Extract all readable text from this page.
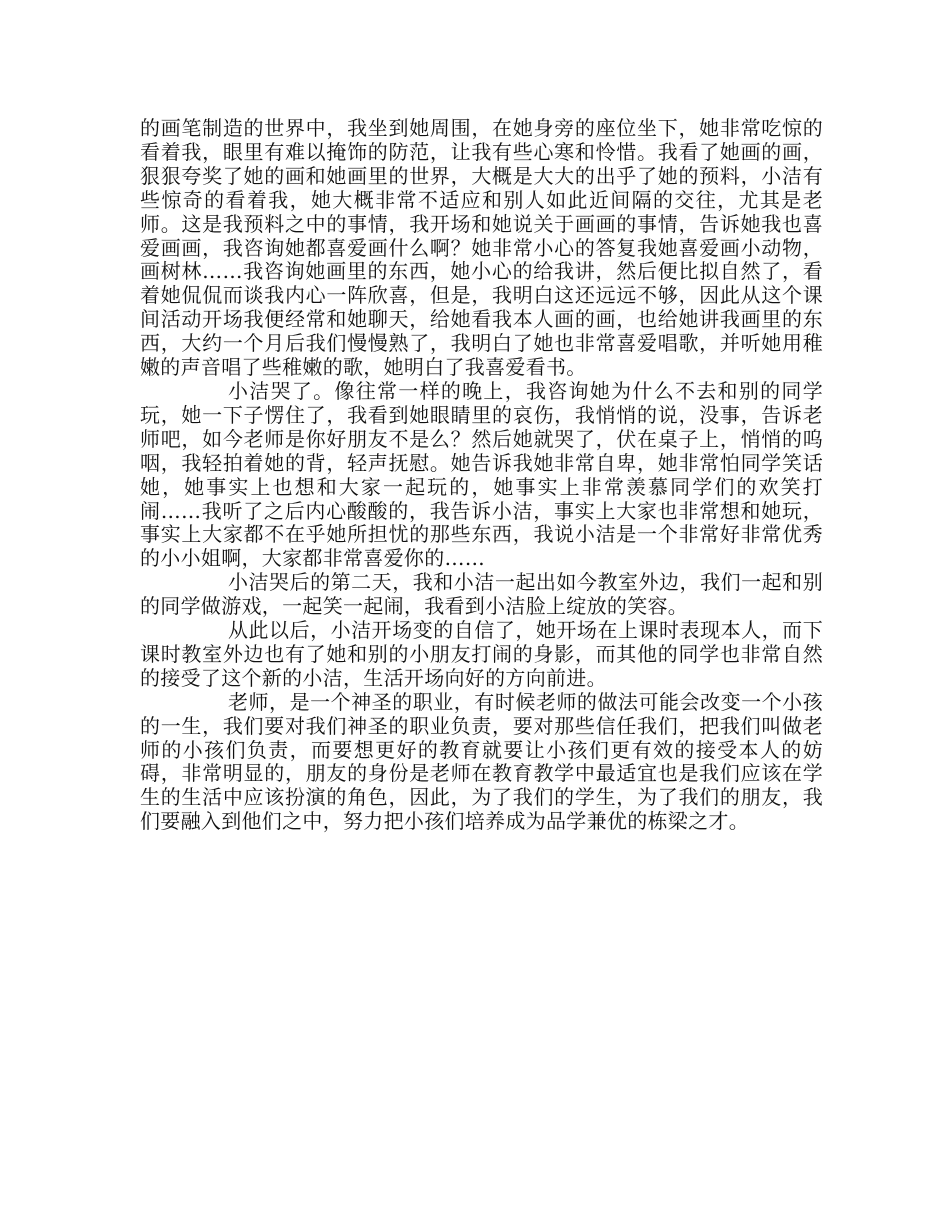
的画笔制造的世界中，我坐到她周围，在她身旁的座位坐下，她非常吃惊的看着我，眼里有难以掩饰的防范，让我有些心寒和怜惜。我看了她画的画，狠狠夸奖了她的画和她画里的世界，大概是大大的出乎了她的预料，小洁有些惊奇的看着我，她大概非常不适应和别人如此近间隔的交往，尤其是老师。这是我预料之中的事情，我开场和她说关于画画的事情，告诉她我也喜爱画画，我咨询她都喜爱画什么啊？她非常小心的答复我她喜爱画小动物，画树林……我咨询她画里的东西，她小心的给我讲，然后便比拟自然了，看着她侃侃而谈我内心一阵欣喜，但是，我明白这还远远不够，因此从这个课间活动开场我便经常和她聊天，给她看我本人画的画，也给她讲我画里的东西，大约一个月后我们慢慢熟了，我明白了她也非常喜爱唱歌，并听她用稚嫩的声音唱了些稚嫩的歌，她明白了我喜爱看书。

小洁哭了。像往常一样的晚上，我咨询她为什么不去和别的同学玩，她一下子愣住了，我看到她眼睛里的哀伤，我悄悄的说，没事，告诉老师吧，如今老师是你好朋友不是么？然后她就哭了，伏在桌子上，悄悄的呜咽，我轻拍着她的背，轻声抚慰。她告诉我她非常自卑，她非常怕同学笑话她，她事实上也想和大家一起玩的，她事实上非常羡慕同学们的欢笑打闹……我听了之后内心酸酸的，我告诉小洁，事实上大家也非常想和她玩，事实上大家都不在乎她所担忧的那些东西，我说小洁是一个非常好非常优秀的小小姐啊，大家都非常喜爱你的……

小洁哭后的第二天，我和小洁一起出如今教室外边，我们一起和别的同学做游戏，一起笑一起闹，我看到小洁脸上绽放的笑容。

从此以后，小洁开场变的自信了，她开场在上课时表现本人，而下课时教室外边也有了她和别的小朋友打闹的身影，而其他的同学也非常自然的接受了这个新的小洁，生活开场向好的方向前进。

老师，是一个神圣的职业，有时候老师的做法可能会改变一个小孩的一生，我们要对我们神圣的职业负责，要对那些信任我们，把我们叫做老师的小孩们负责，而要想更好的教育就要让小孩们更有效的接受本人的妨碍，非常明显的，朋友的身份是老师在教育教学中最适宜也是我们应该在学生的生活中应该扮演的角色，因此，为了我们的学生，为了我们的朋友，我们要融入到他们之中，努力把小孩们培养成为品学兼优的栋梁之才。
